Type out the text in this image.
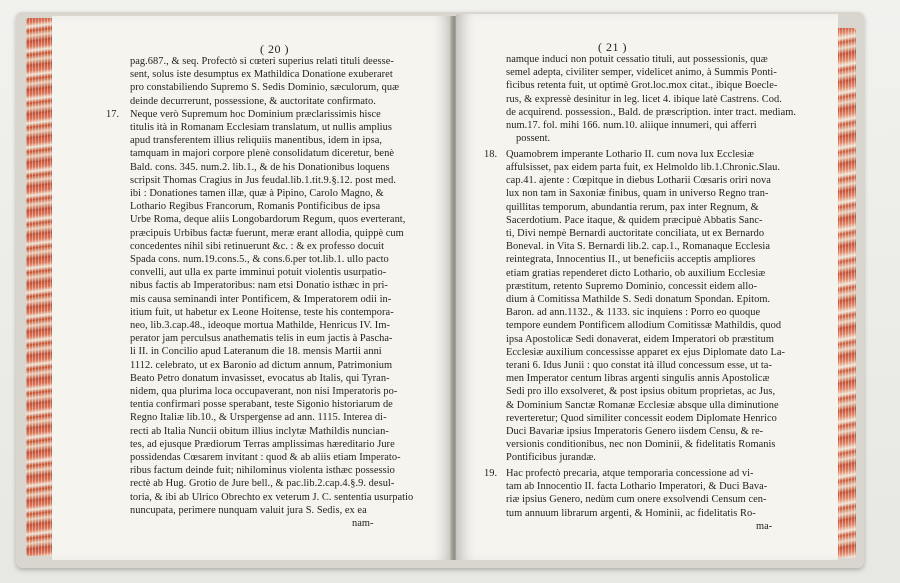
( 20 )
pag.687., & seq. Profectò si cœteri superius relati tituli deesse-
sent, solus iste desumptus ex Mathildica Donatione exuberaret
pro constabiliendo Supremo S. Sedis Dominio, sæculorum, quæ
deinde decurrerunt, possessione, & auctoritate confirmato.
17. Neque verò Supremum hoc Dominium præclarissimis hisce
titulis ità in Romanam Ecclesiam translatum, ut nullis amplius
apud transferentem illius reliquiis manentibus, idem in ipsa,
tamquam in majori corpore plenè consolidatum diceretur, benè
Bald. cons. 345. num.2. lib.1., & de his Donationibus loquens
scripsit Thomas Cragius in Jus feudal.lib.1.tit.9.§.12. post med.
ibi : Donationes tamen illæ, quæ à Pipino, Carolo Magno, &
Lothario Regibus Francorum, Romanis Pontificibus de ipsa
Urbe Roma, deque aliis Longobardorum Regum, quos everterant,
præcipuis Urbibus factæ fuerunt, meræ erant allodia, quippè cum
concedentes nihil sibi retinuerunt &c. : & ex professo docuit
Spada cons. num.19.cons.5., & cons.6.per tot.lib.1. ullo pacto
convelli, aut ulla ex parte imminui potuit violentis usurpatio-
nibus factis ab Imperatoribus: nam etsi Donatio isthæc in pri-
mis causa seminandi inter Pontificem, & Imperatorem odii in-
itium fuit, ut habetur ex Leone Hoitense, teste his contempora-
neo, lib.3.cap.48., ideoque mortua Mathilde, Henricus IV. Im-
perator jam perculsus anathematis telis in eum jactis à Pascha-
li II. in Concilio apud Lateranum die 18. mensis Martii anni
1112. celebrato, ut ex Baronio ad dictum annum, Patrimonium
Beato Petro donatum invasisset, evocatus ab Italis, qui Tyran-
nidem, qua plurima loca occupaverant, non nisi Imperatoris po-
tentia confirmari posse sperabant, teste Sigonio historiarum de
Regno Italiæ lib.10., & Urspergense ad ann. 1115. Interea di-
recti ab Italia Nuncii obitum illius inclytæ Mathildis nuncian-
tes, ad ejusque Prædiorum Terras amplissimas hæreditario Jure
possidendas Cœsarem invitant : quod & ab aliis etiam Imperato-
ribus factum deinde fuit; nihilominus violenta isthæc possessio
rectè ab Hug. Grotio de Jure bell., & pac.lib.2.cap.4.§.9. desul-
toria, & ibi ab Ulrico Obrechto ex veterum J. C. sententia usurpatio
nuncupata, perimere nunquam valuit jura S. Sedis, ex ea
nam-
( 21 )
namque induci non potuit cessatio tituli, aut possessionis, quæ
semel adepta, civiliter semper, videlicet animo, à Summis Ponti-
ficibus retenta fuit, ut optimè Grot.loc.mox citat., ibique Boecle-
rus, & expressè desinitur in leg. licet 4. ibique latè Castrens. Cod.
de acquirend. possession., Bald. de præscription. inter tract. mediam.
num.17. fol. mihi 166. num.10. aliique innumeri, qui afferri
possent.
18. Quamobrem imperante Lothario II. cum nova lux Ecclesiæ
affulsisset, pax eidem parta fuit, ex Helmoldo lib.1.Chronic.Slau.
cap.41. ajente : Cœpitque in diebus Lotharii Cœsaris oriri nova
lux non tam in Saxoniæ finibus, quam in universo Regno tran-
quillitas temporum, abundantia rerum, pax inter Regnum, &
Sacerdotium. Pace itaque, & quidem præcipuè Abbatis Sanc-
ti, Divi nempè Bernardi auctoritate conciliata, ut ex Bernardo
Boneval. in Vita S. Bernardi lib.2. cap.1., Romanaque Ecclesia
reintegrata, Innocentius II., ut beneficiis acceptis ampliores
etiam gratias rependeret dicto Lothario, ob auxilium Ecclesiæ
præstitum, retento Supremo Dominio, concessit eidem allo-
dium à Comitissa Mathilde S. Sedi donatum Spondan. Epitom.
Baron. ad ann.1132., & 1133. sic inquiens : Porro eo quoque
tempore eundem Pontificem allodium Comitissæ Mathildis, quod
ipsa Apostolicæ Sedi donaverat, eidem Imperatori ob præstitum
Ecclesiæ auxilium concessisse apparet ex ejus Diplomate dato La-
terani 6. Idus Junii : quo constat ità illud concessum esse, ut ta-
men Imperator centum libras argenti singulis annis Apostolicæ
Sedi pro illo exsolveret, & post ipsius obitum proprietas, ac Jus,
& Dominium Sanctæ Romanæ Ecclesiæ absque ulla diminutione
reverteretur; Quod similiter concessit eodem Diplomate Henrico
Duci Bavariæ ipsius Imperatoris Genero iisdem Censu, & re-
versionis conditionibus, nec non Dominii, & fidelitatis Romanis
Pontificibus jurandæ.
19. Hac profectò precaria, atque temporaria concessione ad vi-
tam ab Innocentio II. facta Lothario Imperatori, & Duci Bava-
riæ ipsius Genero, nedùm cum onere exsolvendi Censum cen-
tum annuum librarum argenti, & Hominii, ac fidelitatis Ro-
ma-
